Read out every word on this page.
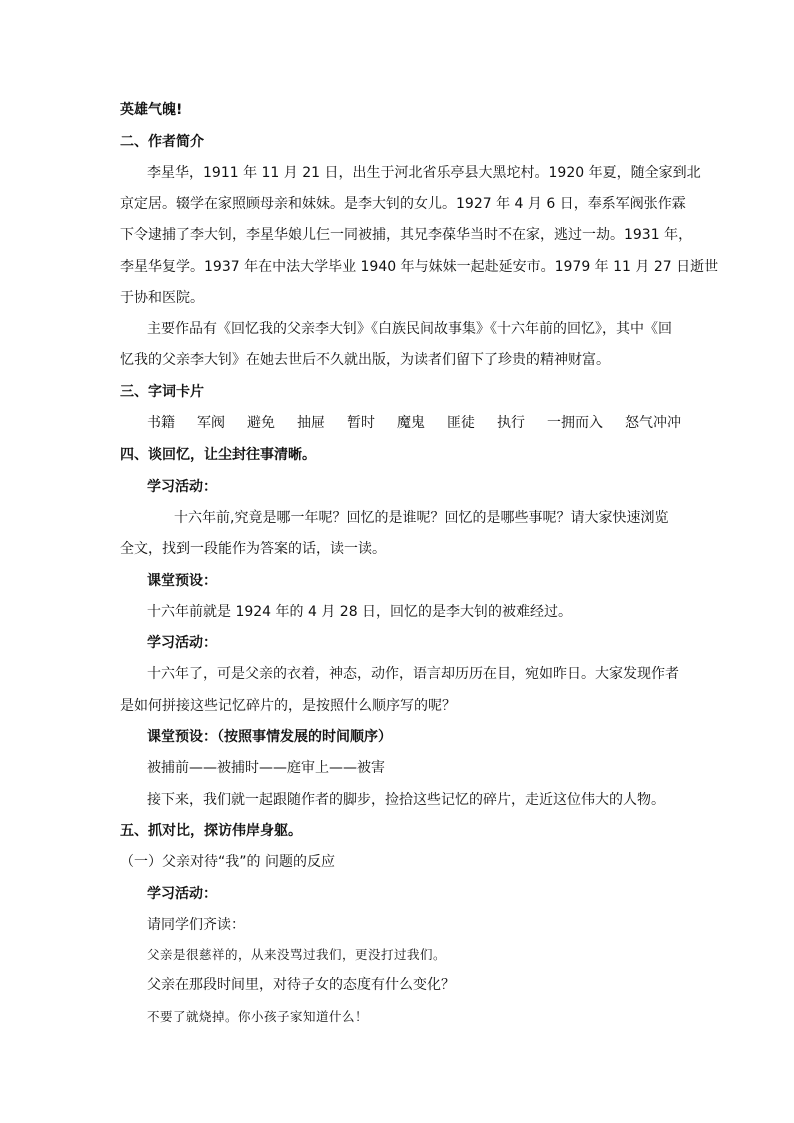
英雄气魄!
二、作者简介
李星华，1911 年 11 月 21 日，出生于河北省乐亭县大黑坨村。1920 年夏，随全家到北
京定居。辍学在家照顾母亲和妹妹。是李大钊的女儿。1927 年 4 月 6 日，奉系军阀张作霖
下令逮捕了李大钊，李星华娘儿仨一同被捕，其兄李葆华当时不在家，逃过一劫。1931 年，
李星华复学。1937 年在中法大学毕业 1940 年与妹妹一起赴延安市。1979 年 11 月 27 日逝世
于协和医院。
主要作品有《回忆我的父亲李大钊》《白族民间故事集》《十六年前的回忆》，其中《回
忆我的父亲李大钊》在她去世后不久就出版，为读者们留下了珍贵的精神财富。
三、字词卡片
书籍 军阀 避免 抽屉 暂时 魔鬼 匪徒 执行 一拥而入 怒气冲冲
四、谈回忆，让尘封往事清晰。
学习活动：
十六年前,究竟是哪一年呢？回忆的是谁呢？回忆的是哪些事呢？请大家快速浏览
全文，找到一段能作为答案的话，读一读。
课堂预设：
十六年前就是 1924 年的 4 月 28 日，回忆的是李大钊的被难经过。
学习活动：
十六年了，可是父亲的衣着，神态，动作，语言却历历在目，宛如昨日。大家发现作者
是如何拼接这些记忆碎片的，是按照什么顺序写的呢？
课堂预设：（按照事情发展的时间顺序）
被捕前——被捕时——庭审上——被害
接下来，我们就一起跟随作者的脚步，捡拾这些记忆的碎片，走近这位伟大的人物。
五、抓对比，探访伟岸身躯。
（一）父亲对待“我”的 问题的反应
学习活动：
请同学们齐读：
父亲是很慈祥的，从来没骂过我们，更没打过我们。
父亲在那段时间里，对待子女的态度有什么变化？
不要了就烧掉。你小孩子家知道什么！
